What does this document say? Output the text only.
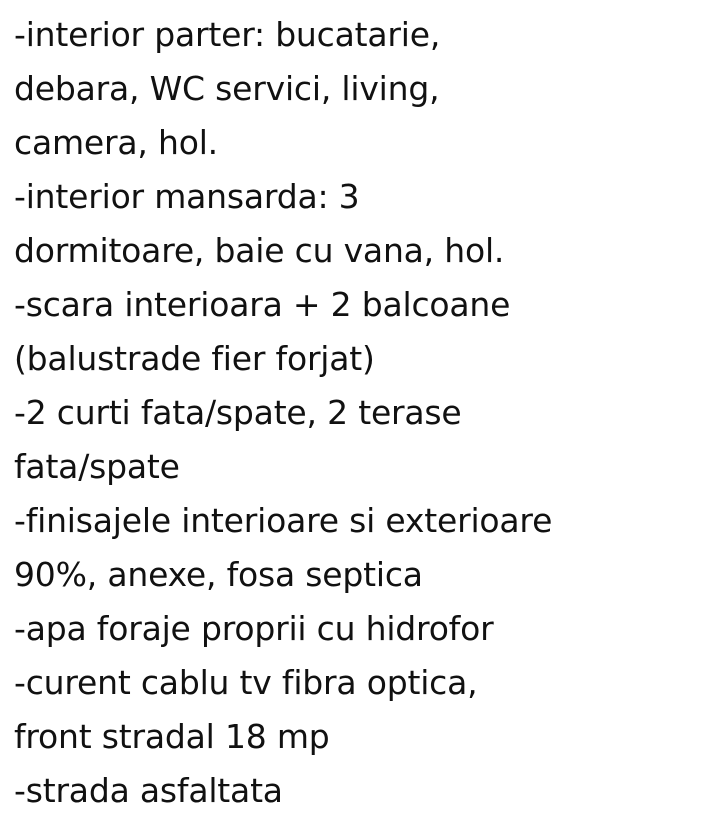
-interior parter: bucatarie,
debara, WC servici, living,
camera, hol.
-interior mansarda: 3
dormitoare, baie cu vana, hol.
-scara interioara + 2 balcoane
(balustrade fier forjat)
-2 curti fata/spate, 2 terase
fata/spate
-finisajele interioare si exterioare
90%, anexe, fosa septica
-apa foraje proprii cu hidrofor
-curent cablu tv fibra optica,
front stradal 18 mp
-strada asfaltata
